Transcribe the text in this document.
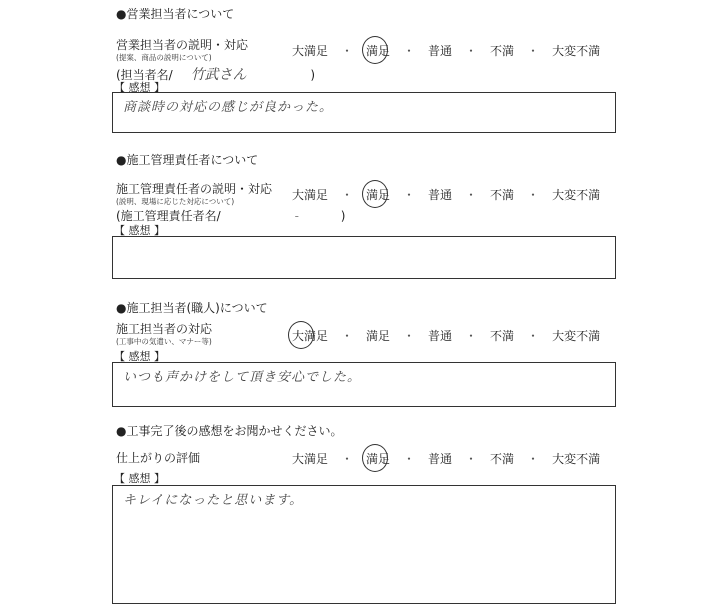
●営業担当者について
営業担当者の説明・対応
(提案、商品の説明について)
(担当者名/ 竹武さん	)
【 感想 】
商談時の対応の感じが良かった。
大満足	・	満足	・	普通	・	不満	・	大変不満
●施工管理責任者について
施工管理責任者の説明・対応
(説明、現場に応じた対応について)
(施工管理責任者名/	-	)
【 感想 】
大満足	・	満足	・	普通	・	不満	・	大変不満
●施工担当者(職人)について
施工担当者の対応
(工事中の気遣い、マナー等)
【 感想 】
いつも声かけをして頂き安心でした。
大満足	・	満足	・	普通	・	不満	・	大変不満
●工事完了後の感想をお聞かせください。
仕上がりの評価
【 感想 】
キレイになったと思います。
大満足	・	満足	・	普通	・	不満	・	大変不満
